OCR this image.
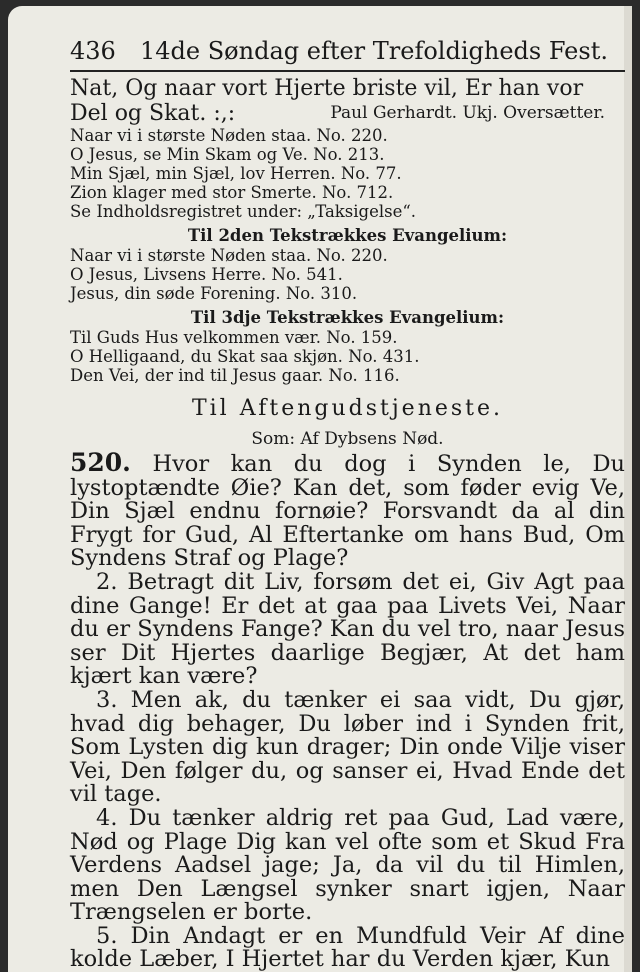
436	14de Søndag efter Trefoldigheds Fest.
Nat, Og naar vort Hjerte briste vil, Er han vor
Del og Skat. :,:	Paul Gerhardt. Ukj. Oversætter.
Naar vi i største Nøden staa. No. 220.
O Jesus, se Min Skam og Ve. No. 213.
Min Sjæl, min Sjæl, lov Herren. No. 77.
Zion klager med stor Smerte. No. 712.
Se Indholdsregistret under: „Taksigelse“.
Til 2den Tekstrækkes Evangelium:
Naar vi i største Nøden staa. No. 220.
O Jesus, Livsens Herre. No. 541.
Jesus, din søde Forening. No. 310.
Til 3dje Tekstrækkes Evangelium:
Til Guds Hus velkommen vær. No. 159.
O Helligaand, du Skat saa skjøn. No. 431.
Den Vei, der ind til Jesus gaar. No. 116.
Til Aftengudstjeneste.
Som: Af Dybsens Nød.

520. Hvor kan du dog i Synden le, Du lystoptændte Øie? Kan det, som føder evig Ve, Din Sjæl endnu fornøie? Forsvandt da al din Frygt for Gud, Al Eftertanke om hans Bud, Om Syndens Straf og Plage?

2. Betragt dit Liv, forsøm det ei, Giv Agt paa dine Gange! Er det at gaa paa Livets Vei, Naar du er Syndens Fange? Kan du vel tro, naar Jesus ser Dit Hjertes daarlige Begjær, At det ham kjært kan være?

3. Men ak, du tænker ei saa vidt, Du gjør, hvad dig behager, Du løber ind i Synden frit, Som Lysten dig kun drager; Din onde Vilje viser Vei, Den følger du, og sanser ei, Hvad Ende det vil tage.

4. Du tænker aldrig ret paa Gud, Lad være, Nød og Plage Dig kan vel ofte som et Skud Fra Verdens Aadsel jage; Ja, da vil du til Himlen, men Den Længsel synker snart igjen, Naar Trængselen er borte.

5. Din Andagt er en Mundfuld Veir Af dine kolde Læber, I Hjertet har du Verden kjær, Kun
